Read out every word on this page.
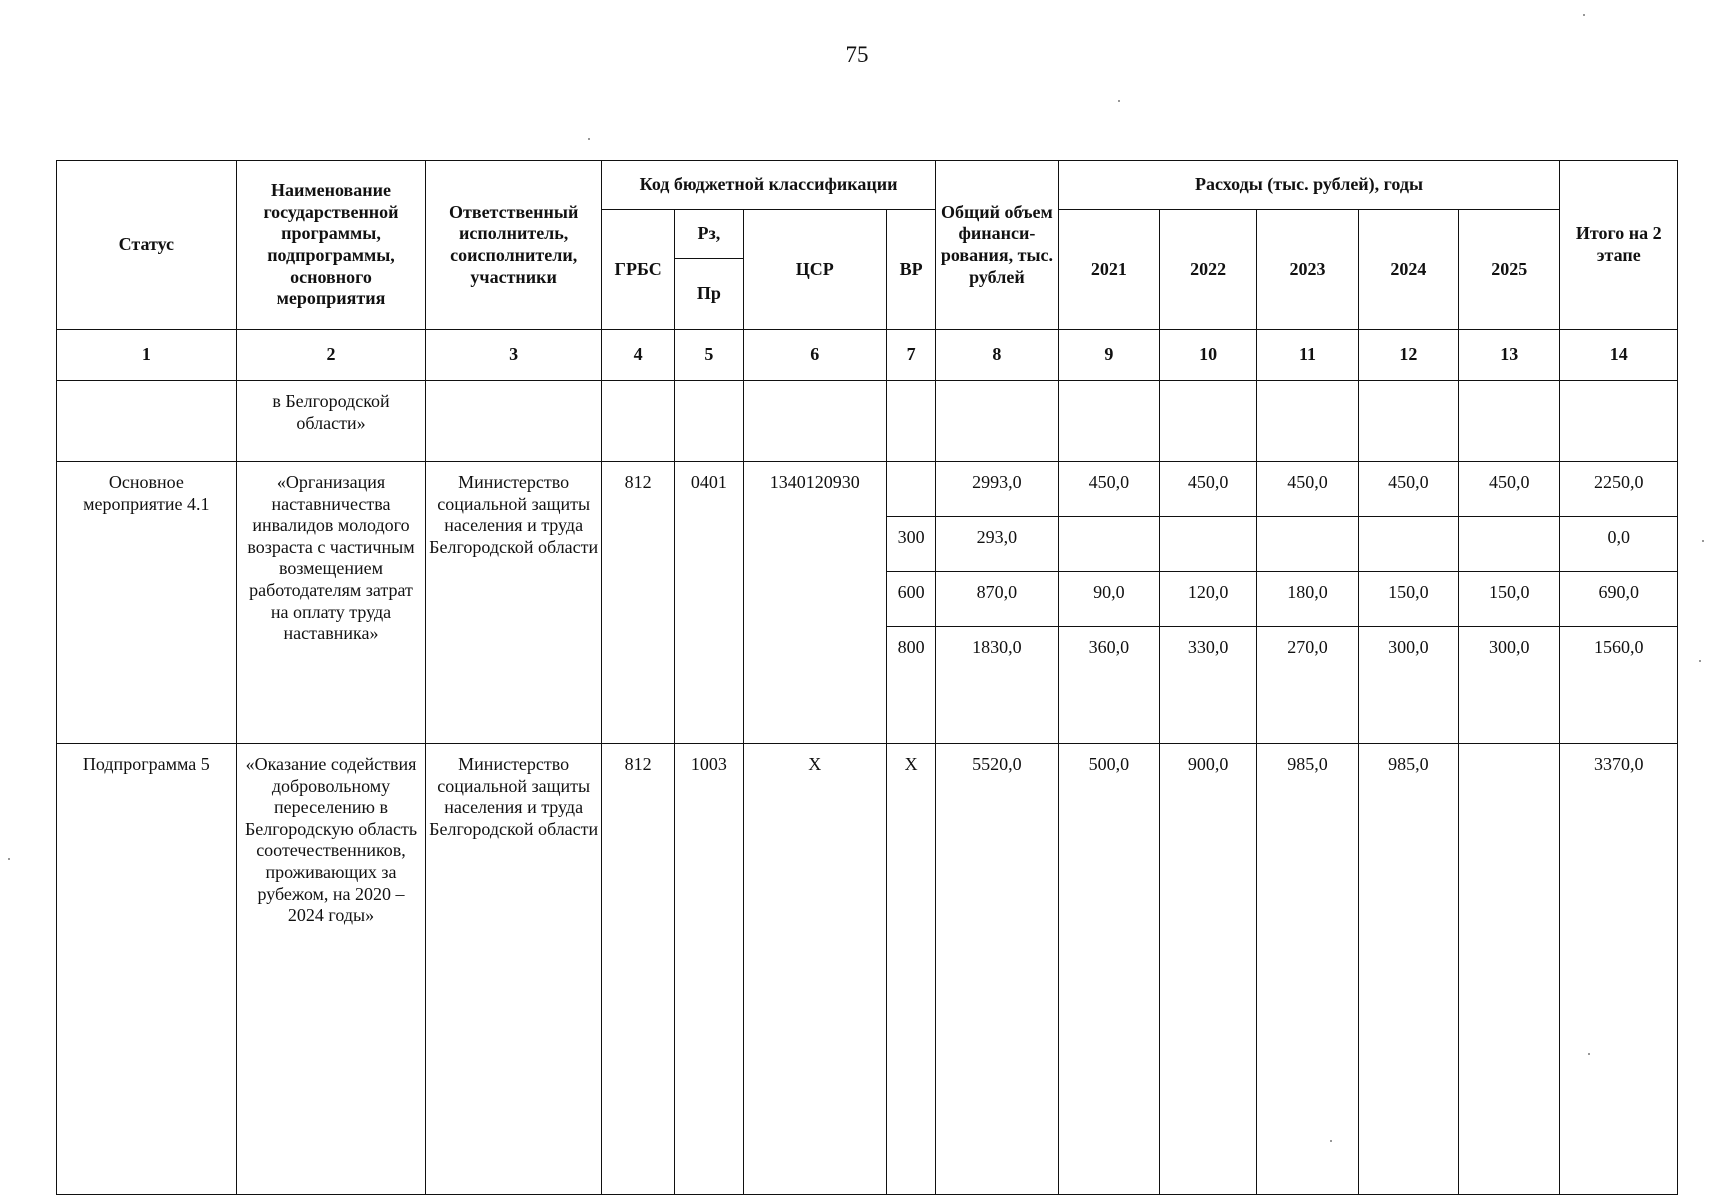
75
Статус	Наименование государственной программы, подпрограммы, основного мероприятия	Ответственный исполнитель, соисполнители, участники	Код бюджетной классификации				Общий объем финанси-рования, тыс. рублей	Расходы (тыс. рублей), годы					Итого на 2 этапе
			ГРБС	Рз,	ЦСР	ВР		2021	2022	2023	2024	2025	
				Пр									
1	2	3	4	5	6	7	8	9	10	11	12	13	14
	в Белгородской области»												
Основное мероприятие 4.1	«Организация наставничества инвалидов молодого возраста с частичным возмещением работодателям затрат на оплату труда наставника»	Министерство социальной защиты населения и труда Белгородской области	812	0401	1340120930		2993,0	450,0	450,0	450,0	450,0	450,0	2250,0
						300	293,0						0,0
						600	870,0	90,0	120,0	180,0	150,0	150,0	690,0
						800	1830,0	360,0	330,0	270,0	300,0	300,0	1560,0
Подпрограмма 5	«Оказание содействия добровольному переселению в Белгородскую область соотечественников, проживающих за рубежом, на 2020 – 2024 годы»	Министерство социальной защиты населения и труда Белгородской области	812	1003	Х	Х	5520,0	500,0	900,0	985,0	985,0		3370,0
